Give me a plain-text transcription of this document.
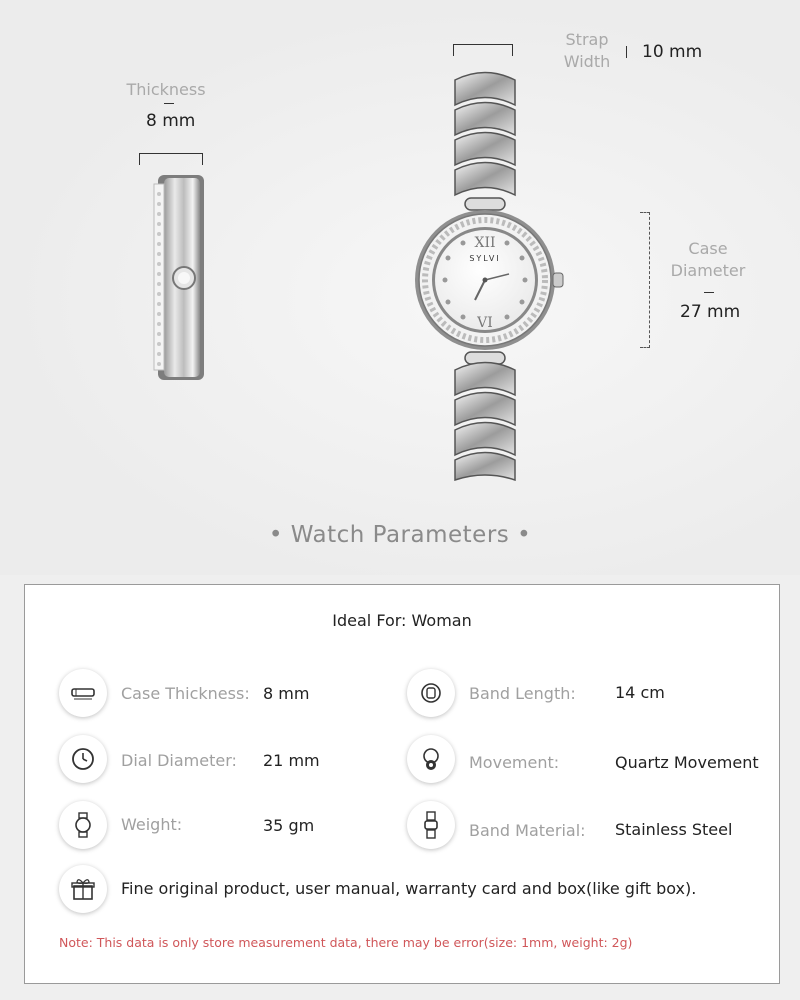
Thickness
8 mm
Strap
Width	10 mm
XII
VI
SYLVI
Case
Diameter
27 mm
• Watch Parameters •
Ideal For: Woman
Case Thickness: 8 mm	Band Length: 14 cm
Dial Diameter: 21 mm	Movement:	Quartz Movement
Weight:	35 gm	Band Material: Stainless Steel
Fine original product, user manual, warranty card and box(like gift box).
Note: This data is only store measurement data, there may be error(size: 1mm, weight: 2g)
